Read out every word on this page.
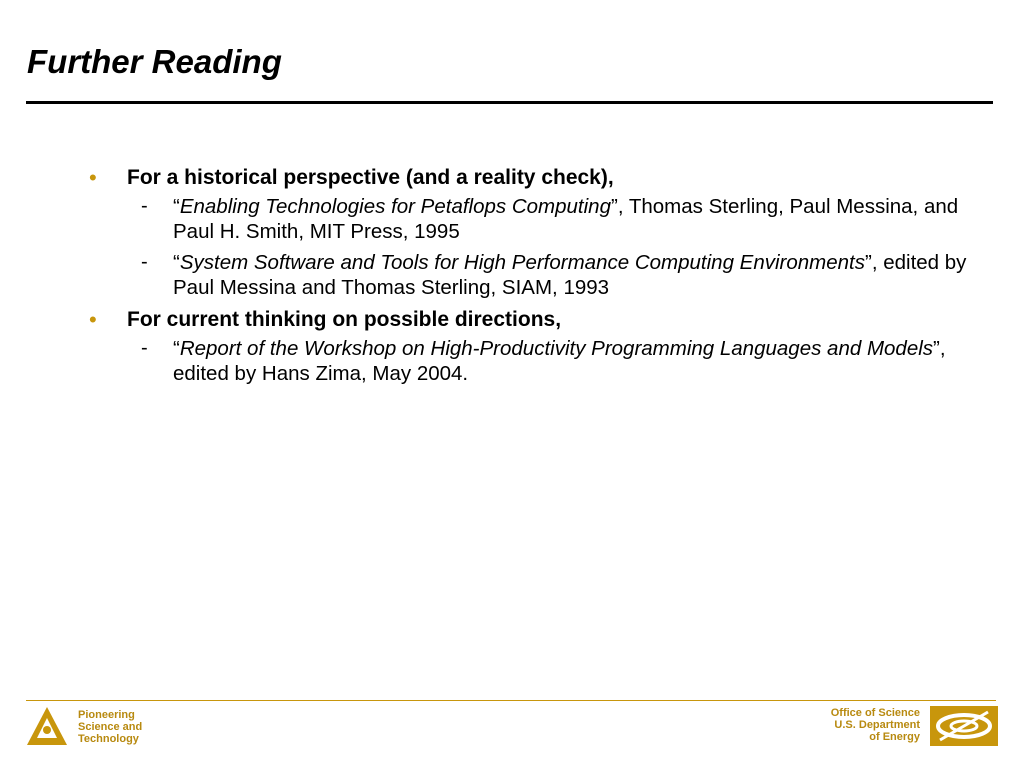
Further Reading
• For a historical perspective (and a reality check),
- “Enabling Technologies for Petaflops Computing”, Thomas Sterling, Paul Messina, and Paul H. Smith, MIT Press, 1995
- “System Software and Tools for High Performance Computing Environments”, edited by Paul Messina and Thomas Sterling, SIAM, 1993
• For current thinking on possible directions,
- “Report of the Workshop on High-Productivity Programming Languages and Models”, edited by Hans Zima, May 2004.
Pioneering
Science and
Technology
Office of Science
U.S. Department
of Energy
